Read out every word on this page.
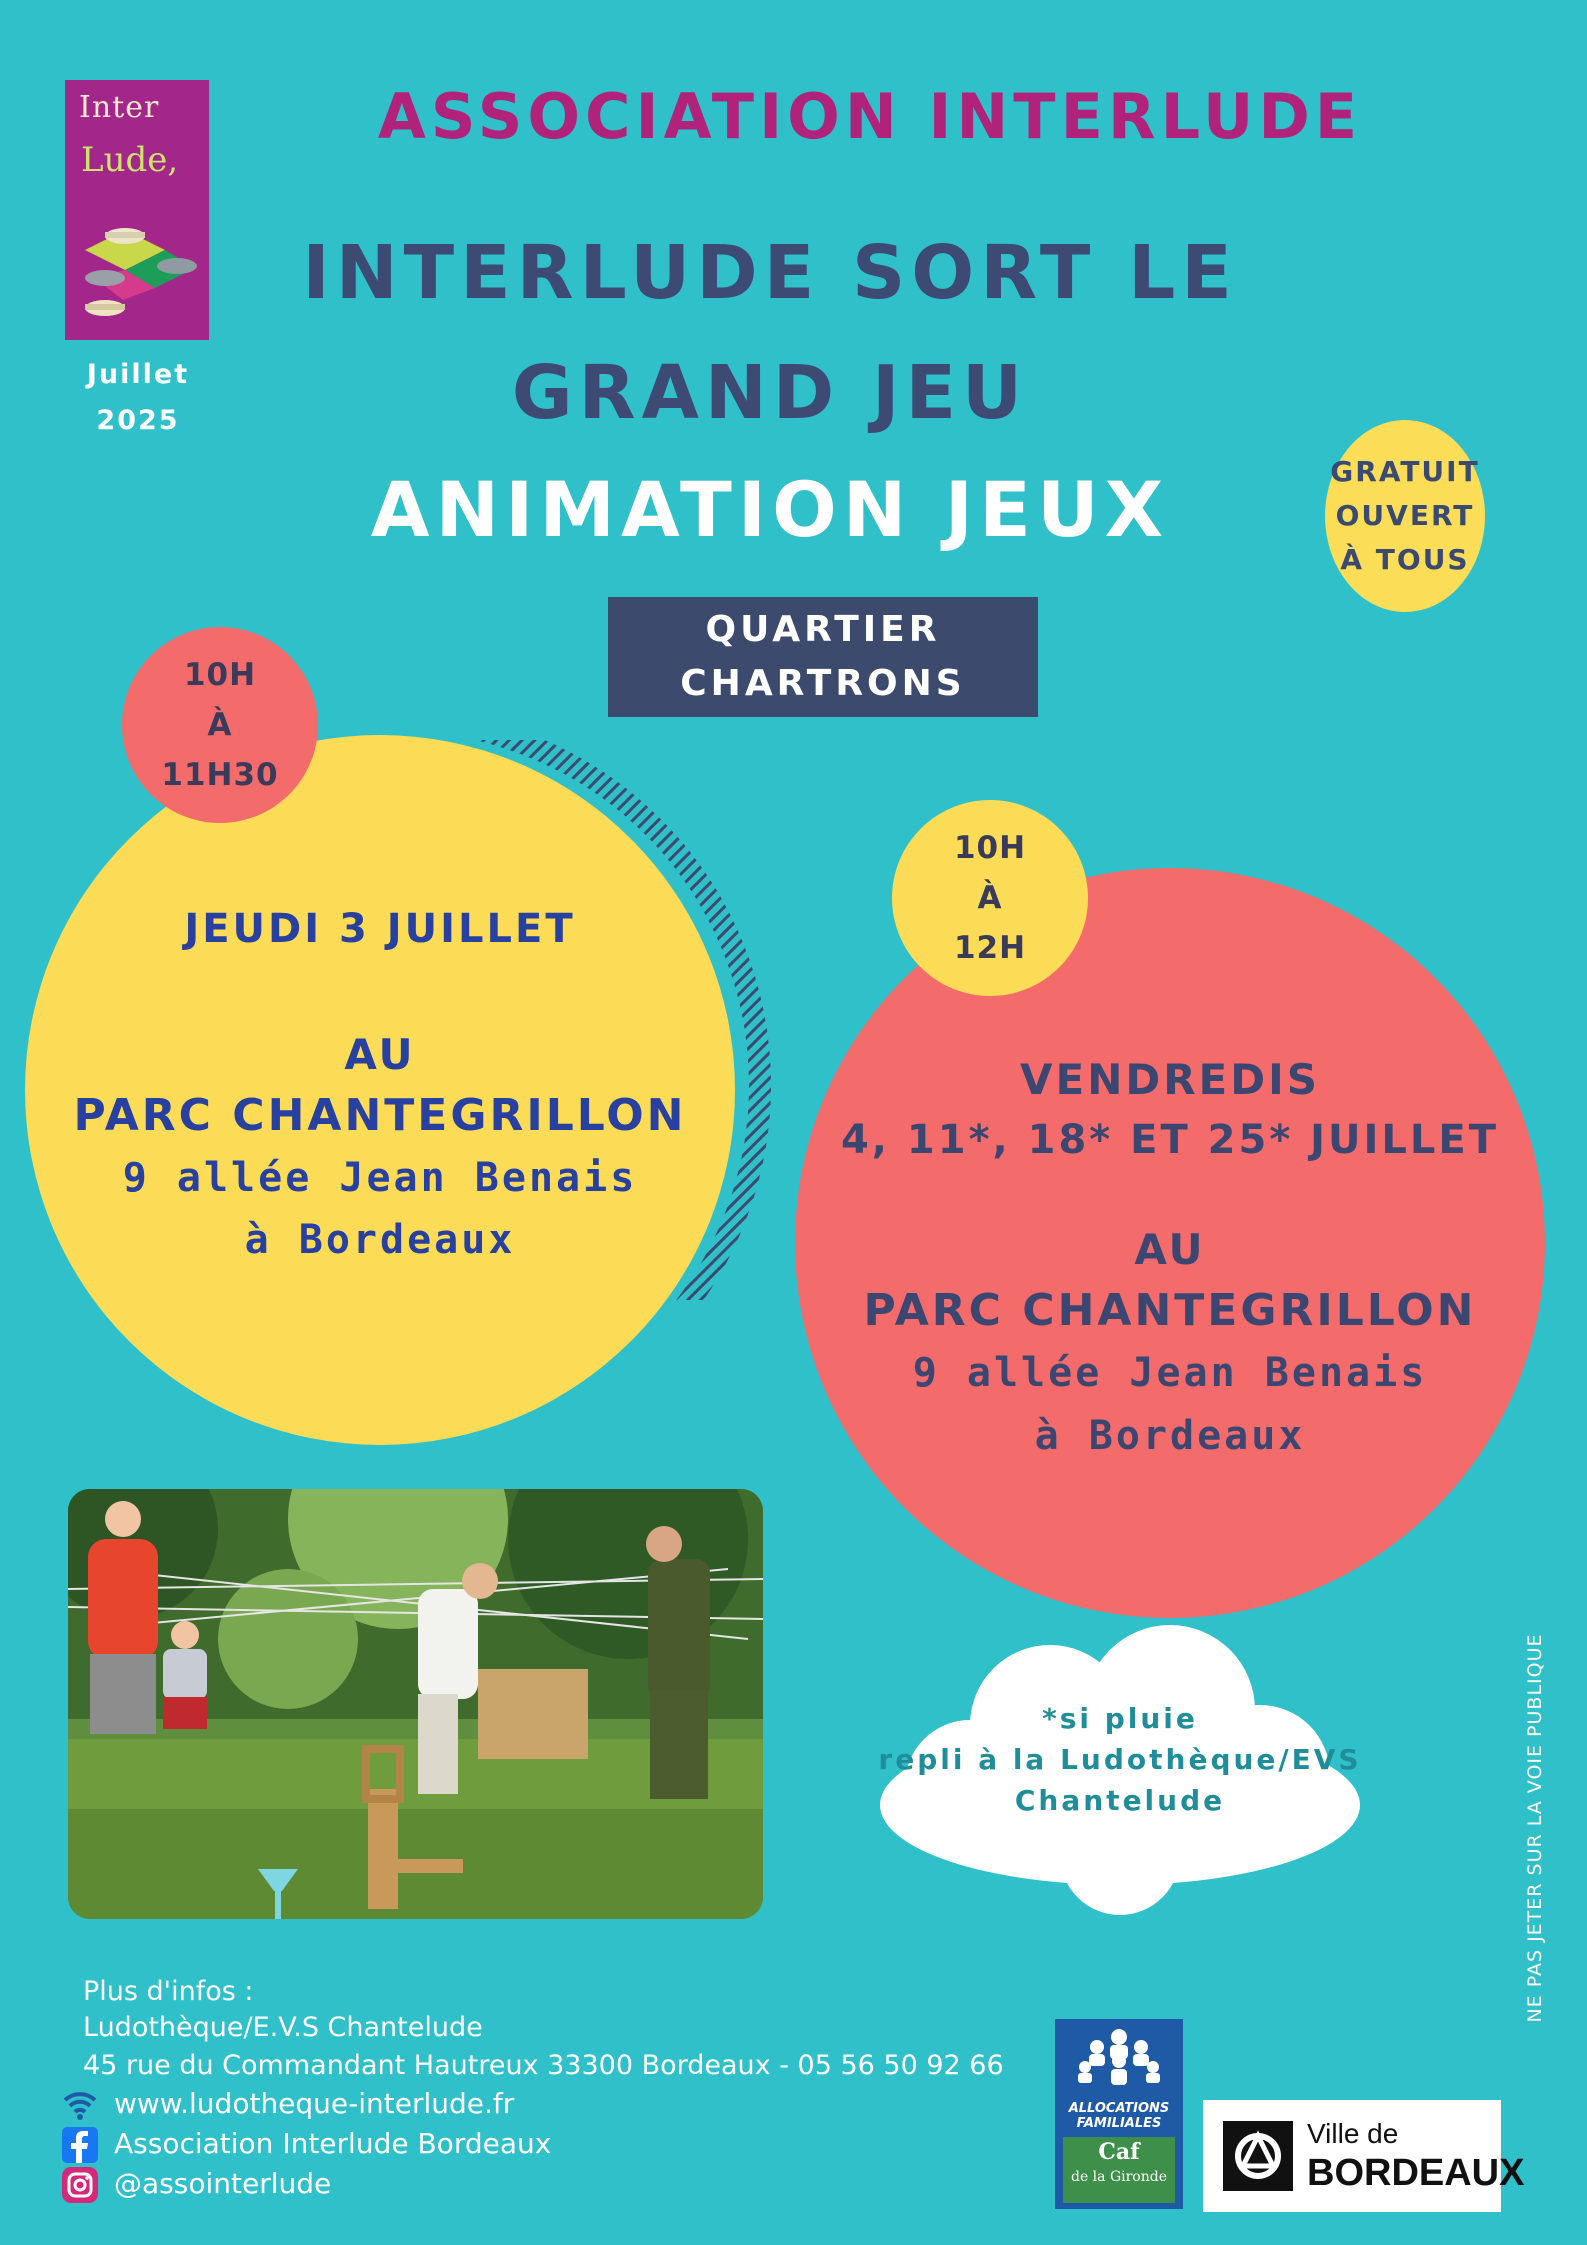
Inter
Lude,
Juillet
2025
ASSOCIATION INTERLUDE
INTERLUDE SORT LE
GRAND JEU
ANIMATION JEUX	GRATUIT
OUVERT
À TOUS
QUARTIER
CHARTRONS
10H
À
11H30
JEUDI 3 JUILLET
AU
PARC CHANTEGRILLON
9 allée Jean Benais
à Bordeaux
10H
À
12H
VENDREDIS
4, 11*, 18* ET 25* JUILLET
AU
PARC CHANTEGRILLON
9 allée Jean Benais
à Bordeaux
*si pluie
repli à la Ludothèque/EVS
Chantelude
Plus d'infos :
Ludothèque/E.V.S Chantelude
45 rue du Commandant Hautreux 33300 Bordeaux - 05 56 50 92 66
www.ludotheque-interlude.fr
Association Interlude Bordeaux
@assointerlude
NE PAS JETER SUR LA VOIE PUBLIQUE
ALLOCATIONS
FAMILIALES
Caf
de la Gironde
Ville de
BORDEAUX
